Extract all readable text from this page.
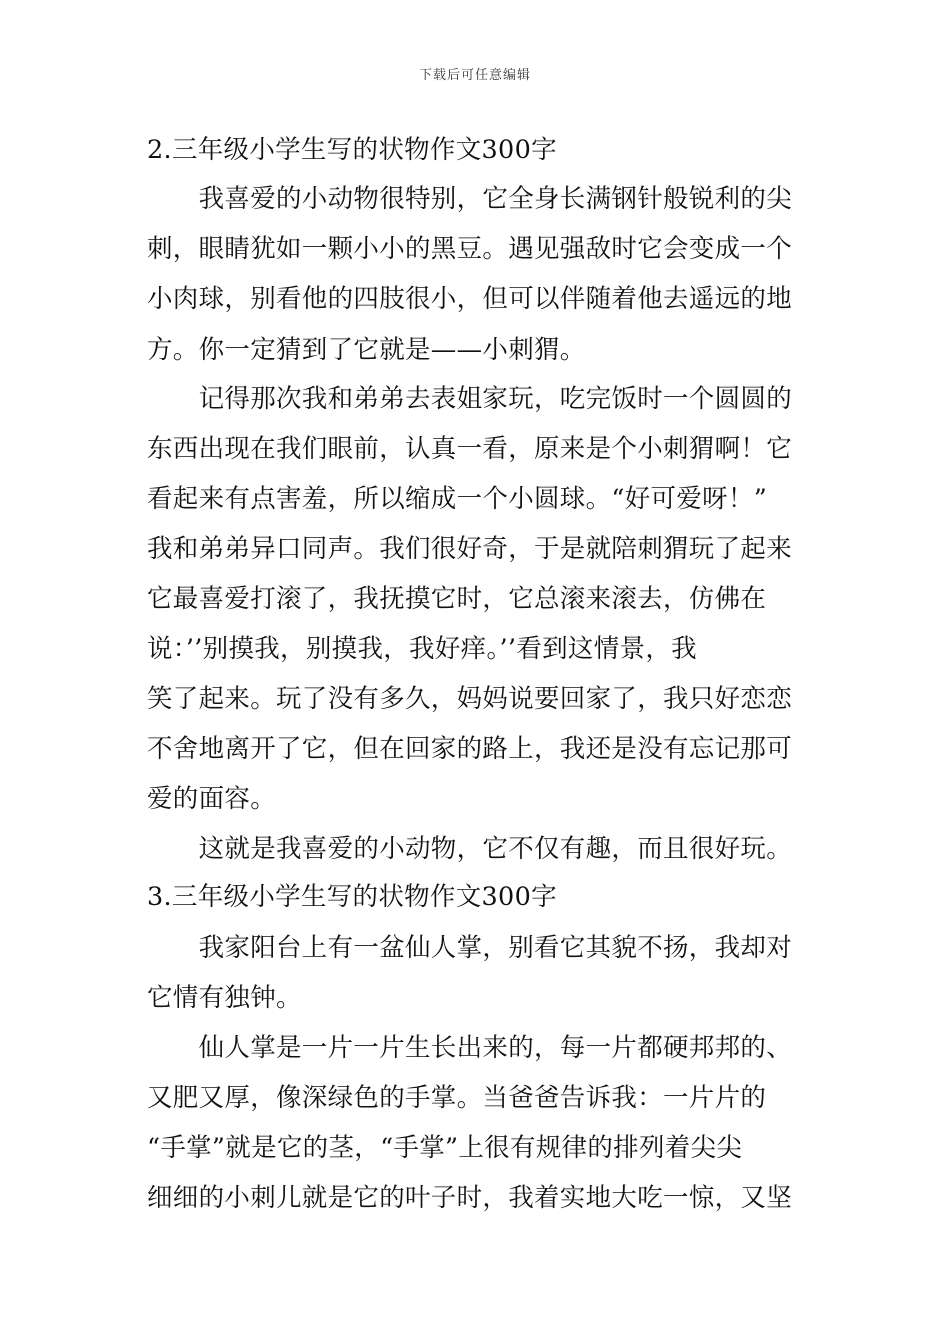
下载后可任意编辑
2.三年级小学生写的状物作文300字
　　我喜爱的小动物很特别，它全身长满钢针般锐利的尖
刺，眼睛犹如一颗小小的黑豆。遇见强敌时它会变成一个
小肉球，别看他的四肢很小，但可以伴随着他去遥远的地
方。你一定猜到了它就是——小刺猬。
　　记得那次我和弟弟去表姐家玩，吃完饭时一个圆圆的
东西出现在我们眼前，认真一看，原来是个小刺猬啊！它
看起来有点害羞，所以缩成一个小圆球。“好可爱呀！”
我和弟弟异口同声。我们很好奇，于是就陪刺猬玩了起来
它最喜爱打滚了，我抚摸它时，它总滚来滚去，仿佛在
说：’’别摸我，别摸我，我好痒。’’看到这情景，我
笑了起来。玩了没有多久，妈妈说要回家了，我只好恋恋
不舍地离开了它，但在回家的路上，我还是没有忘记那可
爱的面容。
　　这就是我喜爱的小动物，它不仅有趣，而且很好玩。
3.三年级小学生写的状物作文300字
　　我家阳台上有一盆仙人掌，别看它其貌不扬，我却对
它情有独钟。
　　仙人掌是一片一片生长出来的，每一片都硬邦邦的、
又肥又厚，像深绿色的手掌。当爸爸告诉我：一片片的
“手掌”就是它的茎，“手掌”上很有规律的排列着尖尖
细细的小刺儿就是它的叶子时，我着实地大吃一惊，又坚
